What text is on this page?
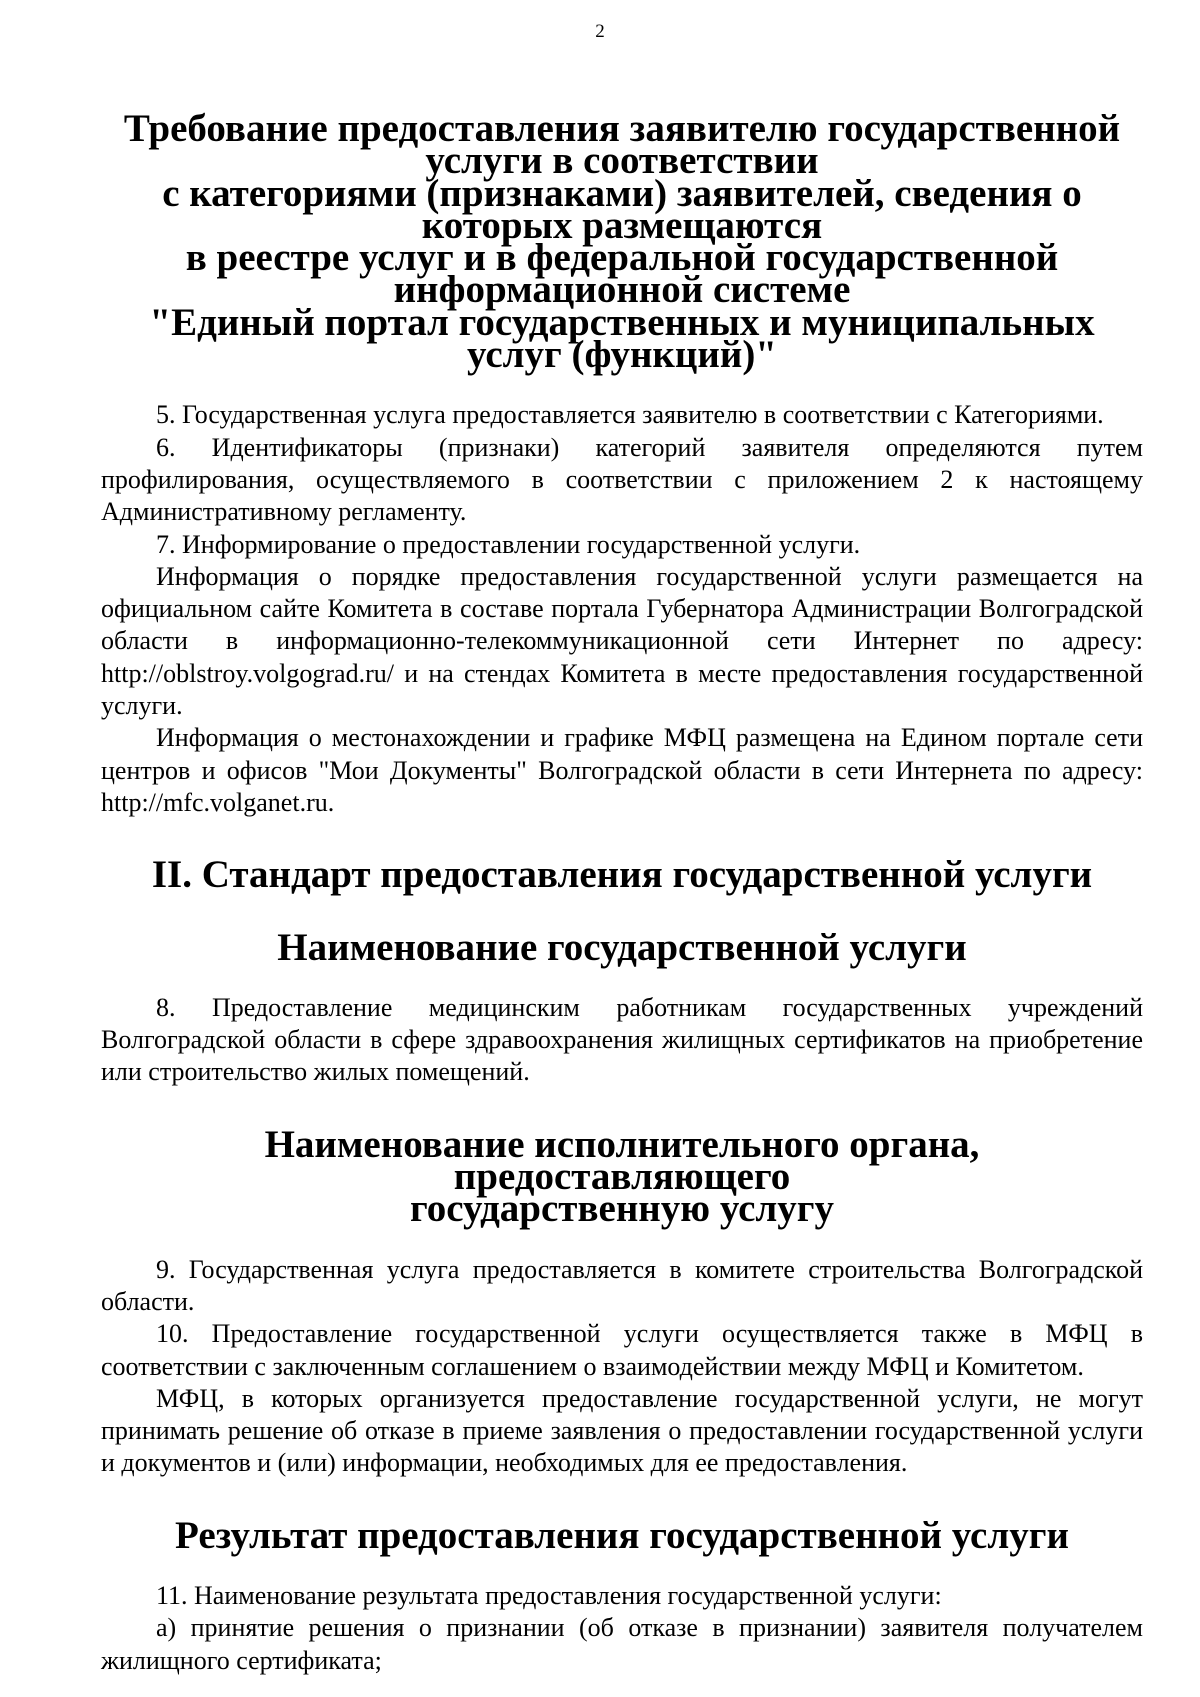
2
Требование предоставления заявителю государственной услуги в соответствии
с категориями (признаками) заявителей, сведения о которых размещаются
в реестре услуг и в федеральной государственной информационной системе
"Единый портал государственных и муниципальных услуг (функций)"

5. Государственная услуга предоставляется заявителю в соответствии с Категориями.

6. Идентификаторы (признаки) категорий заявителя определяются путем профилирования, осуществляемого в соответствии с приложением 2 к настоящему Административному регламенту.

7. Информирование о предоставлении государственной услуги.

Информация о порядке предоставления государственной услуги размещается на официальном сайте Комитета в составе портала Губернатора Администрации Волгоградской области в информационно-телекоммуникационной сети Интернет по адресу: http://oblstroy.volgograd.ru/ и на стендах Комитета в месте предоставления государственной услуги.

Информация о местонахождении и графике МФЦ размещена на Едином портале сети центров и офисов "Мои Документы" Волгоградской области в сети Интернета по адресу: http://mfc.volganet.ru.

II. Стандарт предоставления государственной услуги
Наименование государственной услуги

8. Предоставление медицинским работникам государственных учреждений Волгоградской области в сфере здравоохранения жилищных сертификатов на приобретение или строительство жилых помещений.

Наименование исполнительного органа, предоставляющего
государственную услугу

9. Государственная услуга предоставляется в комитете строительства Волгоградской области.

10. Предоставление государственной услуги осуществляется также в МФЦ в соответствии с заключенным соглашением о взаимодействии между МФЦ и Комитетом.

МФЦ, в которых организуется предоставление государственной услуги, не могут принимать решение об отказе в приеме заявления о предоставлении государственной услуги и документов и (или) информации, необходимых для ее предоставления.

Результат предоставления государственной услуги

11. Наименование результата предоставления государственной услуги:

а) принятие решения о признании (об отказе в признании) заявителя получателем жилищного сертификата;
